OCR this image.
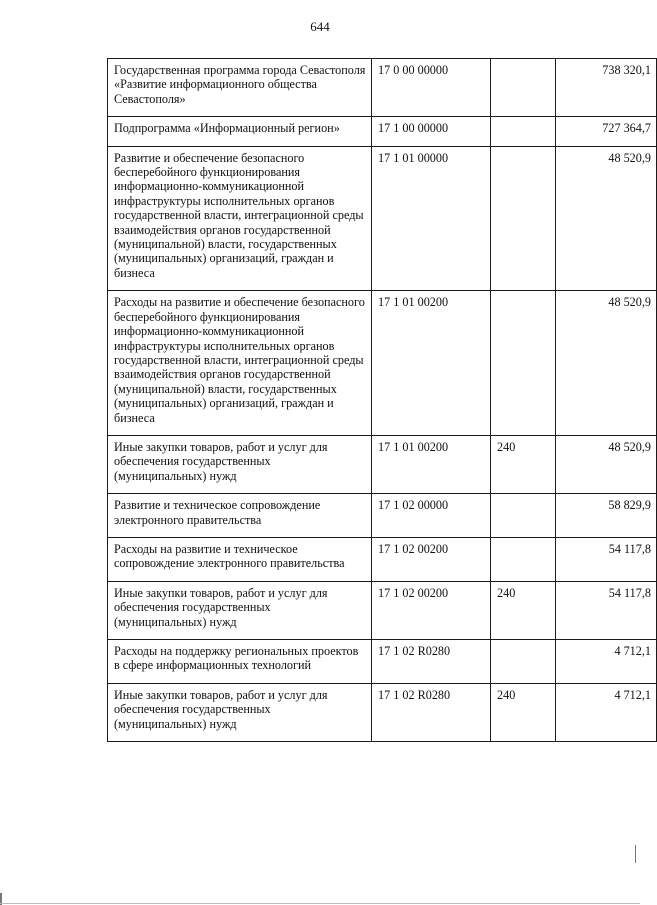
644
Государственная программа города Севастополя «Развитие информационного общества Севастополя»	17 0 00 00000		738 320,1
Подпрограмма «Информационный регион»	17 1 00 00000		727 364,7
Развитие и обеспечение безопасного бесперебойного функционирования информационно-коммуникационной инфраструктуры исполнительных органов государственной власти, интеграционной среды взаимодействия органов государственной (муниципальной) власти, государственных (муниципальных) организаций, граждан и бизнеса	17 1 01 00000		48 520,9
Расходы на развитие и обеспечение безопасного бесперебойного функционирования информационно-коммуникационной инфраструктуры исполнительных органов государственной власти, интеграционной среды взаимодействия органов государственной (муниципальной) власти, государственных (муниципальных) организаций, граждан и бизнеса	17 1 01 00200		48 520,9
Иные закупки товаров, работ и услуг для обеспечения государственных (муниципальных) нужд	17 1 01 00200	240	48 520,9
Развитие и техническое сопровождение электронного правительства	17 1 02 00000		58 829,9
Расходы на развитие и техническое сопровождение электронного правительства	17 1 02 00200		54 117,8
Иные закупки товаров, работ и услуг для обеспечения государственных (муниципальных) нужд	17 1 02 00200	240	54 117,8
Расходы на поддержку региональных проектов в сфере информационных технологий	17 1 02 R0280		4 712,1
Иные закупки товаров, работ и услуг для обеспечения государственных (муниципальных) нужд	17 1 02 R0280	240	4 712,1
